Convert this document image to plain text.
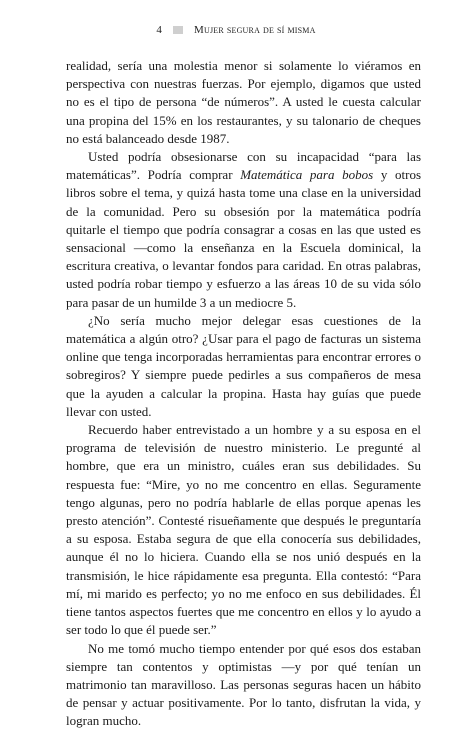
4	Mujer segura de sí misma

realidad, sería una molestia menor si solamente lo viéramos en perspectiva con nuestras fuerzas. Por ejemplo, digamos que usted no es el tipo de persona “de números”. A usted le cuesta calcular una propina del 15% en los restaurantes, y su talonario de cheques no está balanceado desde 1987.

Usted podría obsesionarse con su incapacidad “para las matemáticas”. Podría comprar Matemática para bobos y otros libros sobre el tema, y quizá hasta tome una clase en la universidad de la comunidad. Pero su obsesión por la matemática podría quitarle el tiempo que podría consagrar a cosas en las que usted es sensacional —como la enseñanza en la Escuela dominical, la escritura creativa, o levantar fondos para caridad. En otras palabras, usted podría robar tiempo y esfuerzo a las áreas 10 de su vida sólo para pasar de un humilde 3 a un mediocre 5.

¿No sería mucho mejor delegar esas cuestiones de la matemática a algún otro? ¿Usar para el pago de facturas un sistema online que tenga incorporadas herramientas para encontrar errores o sobregiros? Y siempre puede pedirles a sus compañeros de mesa que la ayuden a calcular la propina. Hasta hay guías que puede llevar con usted.

Recuerdo haber entrevistado a un hombre y a su esposa en el programa de televisión de nuestro ministerio. Le pregunté al hombre, que era un ministro, cuáles eran sus debilidades. Su respuesta fue: “Mire, yo no me concentro en ellas. Seguramente tengo algunas, pero no podría hablarle de ellas porque apenas les presto atención”. Contesté risueñamente que después le preguntaría a su esposa. Estaba segura de que ella conocería sus debilidades, aunque él no lo hiciera. Cuando ella se nos unió después en la transmisión, le hice rápidamente esa pregunta. Ella contestó: “Para mí, mi marido es perfecto; yo no me enfoco en sus debilidades. Él tiene tantos aspectos fuertes que me concentro en ellos y lo ayudo a ser todo lo que él puede ser.”

No me tomó mucho tiempo entender por qué esos dos estaban siempre tan contentos y optimistas —y por qué tenían un matrimonio tan maravilloso. Las personas seguras hacen un hábito de pensar y actuar positivamente. Por lo tanto, disfrutan la vida, y logran mucho.
